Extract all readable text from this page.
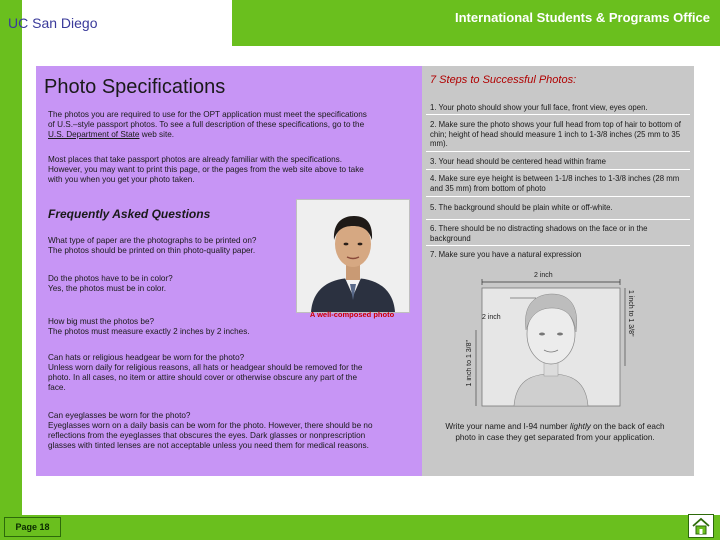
UC San Diego	International Students & Programs Office
Photo Specifications
The photos you are required to use for the OPT application must meet the specifications of U.S.–style passport photos. To see a full description of these specifications, go to the U.S. Department of State web site.
Most places that take passport photos are already familiar with the specifications. However, you may want to print this page, or the pages from the web site above to take with you when you get your photo taken.
Frequently Asked Questions
What type of paper are the photographs to be printed on?
The photos should be printed on thin photo-quality paper.
Do the photos have to be in color?
Yes, the photos must be in color.
How big must the photos be?
The photos must measure exactly 2 inches by 2 inches.
Can hats or religious headgear be worn for the photo?
Unless worn daily for religious reasons, all hats or headgear should be removed for the photo. In all cases, no item or attire should cover or otherwise obscure any part of the face.
Can eyeglasses be worn for the photo?
Eyeglasses worn on a daily basis can be worn for the photo. However, there should be no reflections from the eyeglasses that obscures the eyes. Dark glasses or nonprescription glasses with tinted lenses are not acceptable unless you need them for medical reasons.
A well-composed photo
7 Steps to Successful Photos:
1. Your photo should show your full face, front view, eyes open.
2. Make sure the photo shows your full head from top of hair to bottom of chin; height of head should measure 1 inch to 1-3/8 inches (25 mm to 35 mm).
3. Your head should be centered head within frame
4. Make sure eye height is between 1-1/8 inches to 1-3/8 inches (28 mm and 35 mm) from bottom of photo
5. The background should be plain white or off-white.
6. There should be no distracting shadows on the face or in the background
7. Make sure you have a natural expression
2 inch
2 inch	1 inch to 1 3/8"
1 inch to 1 3/8"
Write your name and I-94 number lightly on the back of each photo in case they get separated from your application.
Page 18
